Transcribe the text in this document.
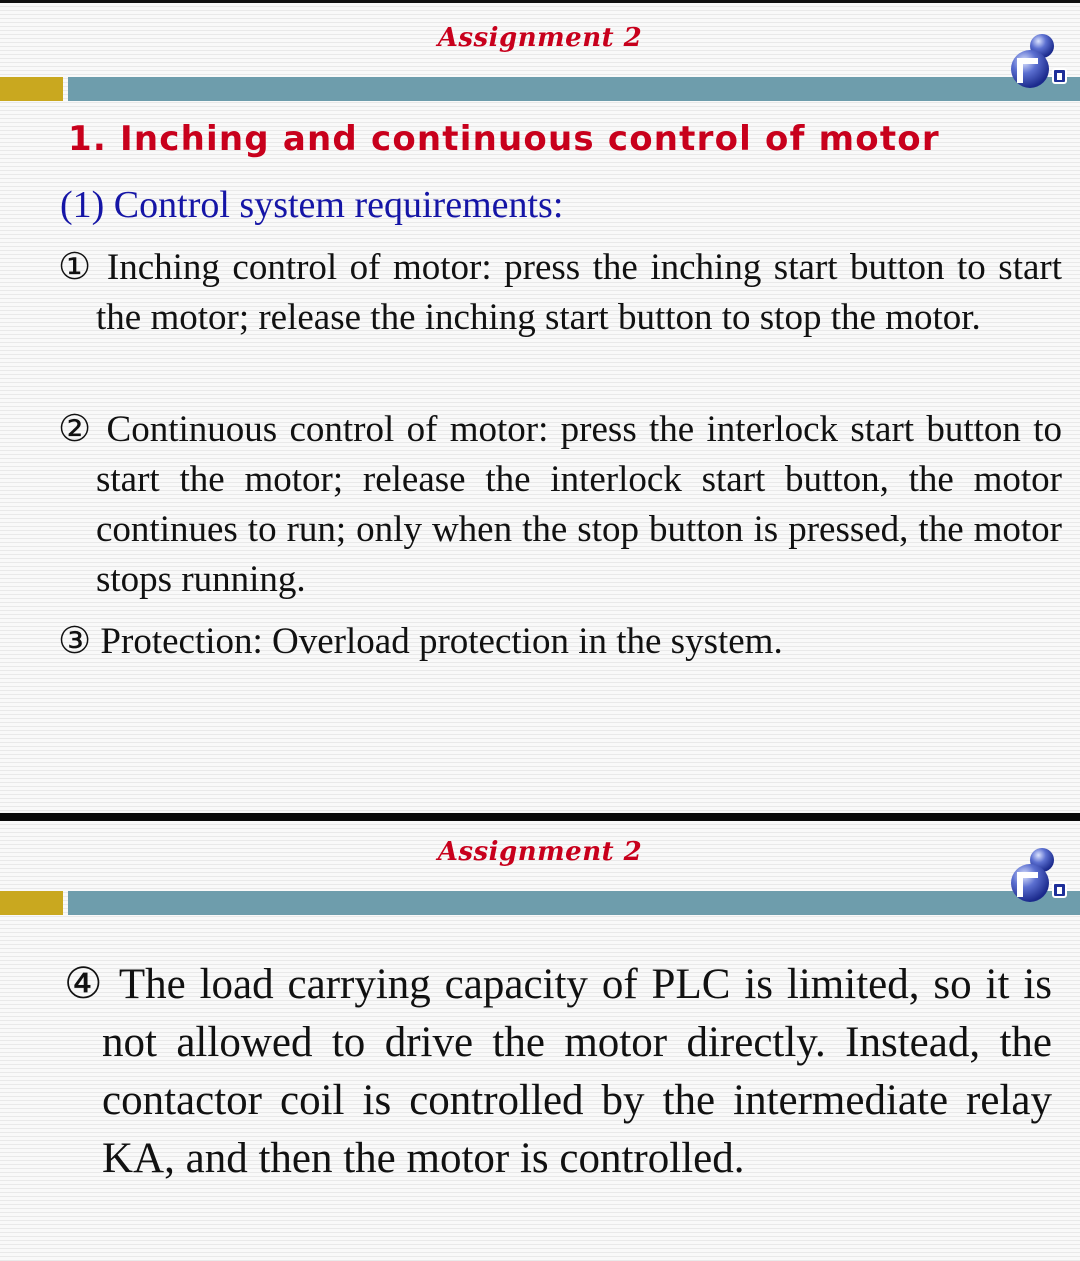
Assignment 2
1. Inching and continuous control of motor
(1) Control system requirements:
① Inching control of motor: press the inching start button to start the motor; release the inching start button to stop the motor.
② Continuous control of motor: press the interlock start button to start the motor; release the interlock start button, the motor continues to run; only when the stop button is pressed, the motor stops running.
③ Protection: Overload protection in the system.
Assignment 2
④ The load carrying capacity of PLC is limited, so it is not allowed to drive the motor directly. Instead, the contactor coil is controlled by the intermediate relay KA, and then the motor is controlled.
